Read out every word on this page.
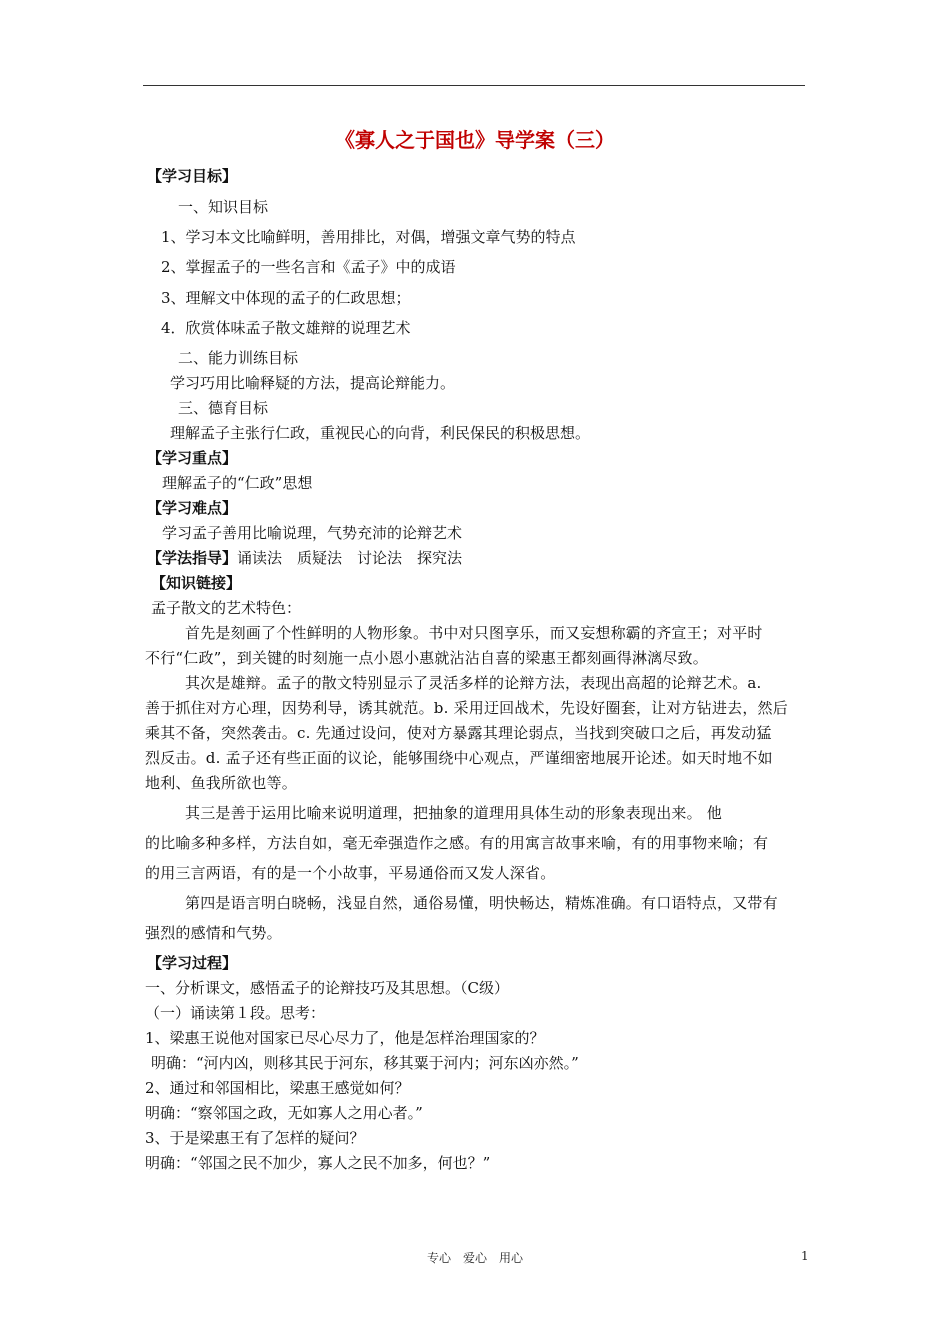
《寡人之于国也》导学案（三）
【学习目标】
一、知识目标
1、学习本文比喻鲜明，善用排比，对偶，增强文章气势的特点
2、掌握孟子的一些名言和《孟子》中的成语
3、理解文中体现的孟子的仁政思想；
4．欣赏体味孟子散文雄辩的说理艺术
二、能力训练目标
学习巧用比喻释疑的方法，提高论辩能力。
三、德育目标
理解孟子主张行仁政，重视民心的向背，利民保民的积极思想。
【学习重点】
理解孟子的“仁政”思想
【学习难点】
学习孟子善用比喻说理，气势充沛的论辩艺术
【学法指导】诵读法　质疑法　讨论法　探究法
【知识链接】
孟子散文的艺术特色：
首先是刻画了个性鲜明的人物形象。书中对只图享乐，而又妄想称霸的齐宣王；对平时
不行“仁政”，到关键的时刻施一点小恩小惠就沾沾自喜的梁惠王都刻画得淋漓尽致。
其次是雄辩。孟子的散文特别显示了灵活多样的论辩方法，表现出高超的论辩艺术。a.
善于抓住对方心理，因势利导，诱其就范。b. 采用迂回战术，先设好圈套，让对方钻进去，然后
乘其不备，突然袭击。c. 先通过设问，使对方暴露其理论弱点，当找到突破口之后，再发动猛
烈反击。d. 孟子还有些正面的议论，能够围绕中心观点，严谨细密地展开论述。如天时地不如
地利、鱼我所欲也等。
其三是善于运用比喻来说明道理，把抽象的道理用具体生动的形象表现出来。 他
的比喻多种多样，方法自如，毫无牵强造作之感。有的用寓言故事来喻，有的用事物来喻；有
的用三言两语，有的是一个小故事，平易通俗而又发人深省。
第四是语言明白晓畅，浅显自然，通俗易懂，明快畅达，精炼准确。有口语特点，又带有
强烈的感情和气势。
【学习过程】
一、分析课文，感悟孟子的论辩技巧及其思想。（C级）
（一）诵读第１段。思考：
1、梁惠王说他对国家已尽心尽力了，他是怎样治理国家的？
明确：“河内凶，则移其民于河东，移其粟于河内；河东凶亦然。”
2、通过和邻国相比，梁惠王感觉如何？
明确：“察邻国之政，无如寡人之用心者。”
3、于是梁惠王有了怎样的疑问？
明确：“邻国之民不加少，寡人之民不加多，何也？”
专心　爱心　用心	1
